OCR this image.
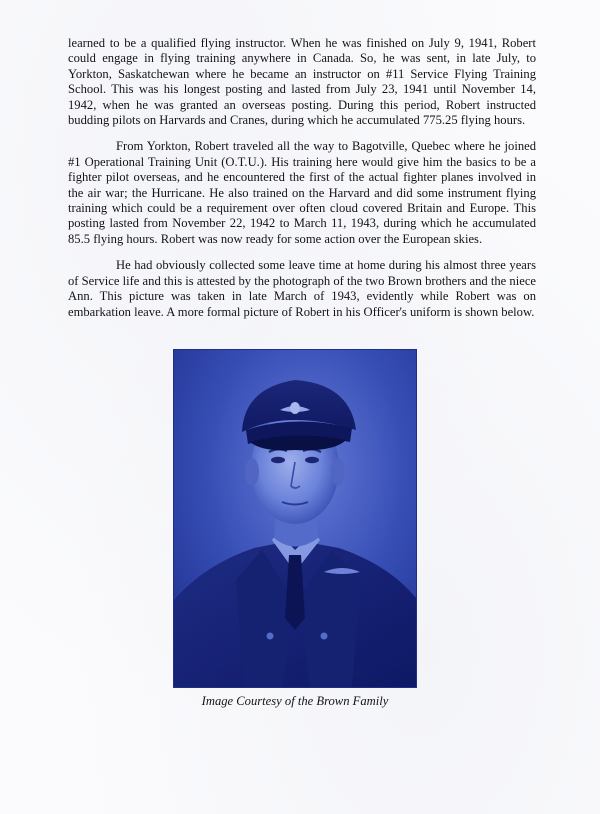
learned to be a qualified flying instructor. When he was finished on July 9, 1941, Robert could engage in flying training anywhere in Canada. So, he was sent, in late July, to Yorkton, Saskatchewan where he became an instructor on #11 Service Flying Training School. This was his longest posting and lasted from July 23, 1941 until November 14, 1942, when he was granted an overseas posting. During this period, Robert instructed budding pilots on Harvards and Cranes, during which he accumulated 775.25 flying hours.

From Yorkton, Robert traveled all the way to Bagotville, Quebec where he joined #1 Operational Training Unit (O.T.U.). His training here would give him the basics to be a fighter pilot overseas, and he encountered the first of the actual fighter planes involved in the air war; the Hurricane. He also trained on the Harvard and did some instrument flying training which could be a requirement over often cloud covered Britain and Europe. This posting lasted from November 22, 1942 to March 11, 1943, during which he accumulated 85.5 flying hours. Robert was now ready for some action over the European skies.

He had obviously collected some leave time at home during his almost three years of Service life and this is attested by the photograph of the two Brown brothers and the niece Ann. This picture was taken in late March of 1943, evidently while Robert was on embarkation leave. A more formal picture of Robert in his Officer's uniform is shown below.

Image Courtesy of the Brown Family
